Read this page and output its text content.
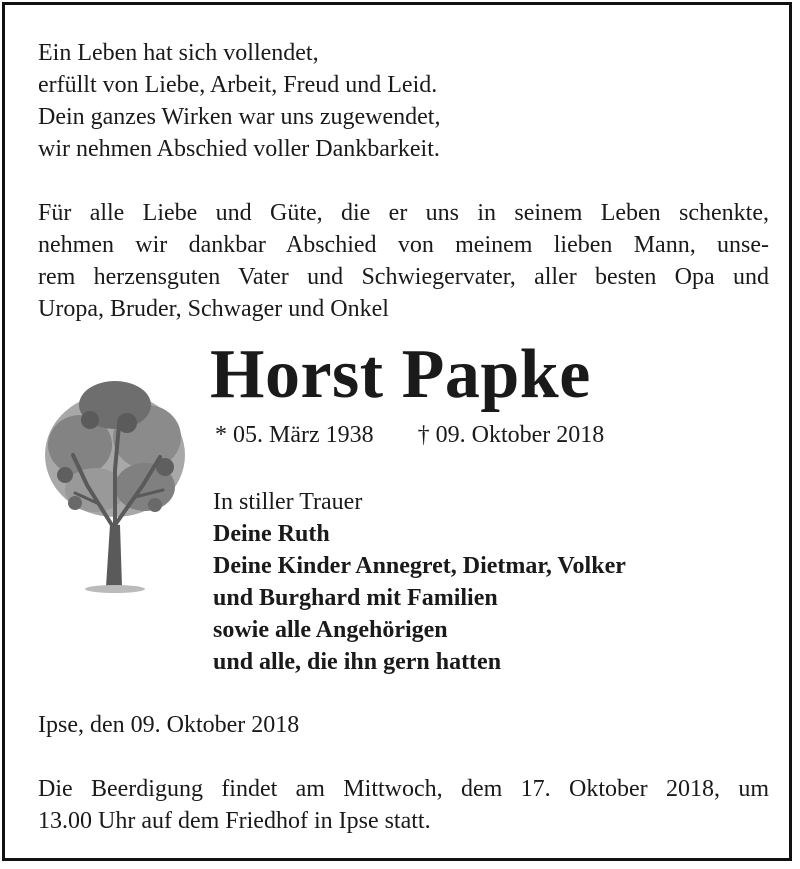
Ein Leben hat sich vollendet,
erfüllt von Liebe, Arbeit, Freud und Leid.
Dein ganzes Wirken war uns zugewendet,
wir nehmen Abschied voller Dankbarkeit.
Für alle Liebe und Güte, die er uns in seinem Leben schenkte,
nehmen wir dankbar Abschied von meinem lieben Mann, unse-
rem herzensguten Vater und Schwiegervater, aller besten Opa und
Uropa, Bruder, Schwager und Onkel
Horst Papke
* 05. März 1938 † 09. Oktober 2018
In stiller Trauer
Deine Ruth
Deine Kinder Annegret, Dietmar, Volker
und Burghard mit Familien
sowie alle Angehörigen
und alle, die ihn gern hatten
Ipse, den 09. Oktober 2018
Die Beerdigung findet am Mittwoch, dem 17. Oktober 2018, um
13.00 Uhr auf dem Friedhof in Ipse statt.
